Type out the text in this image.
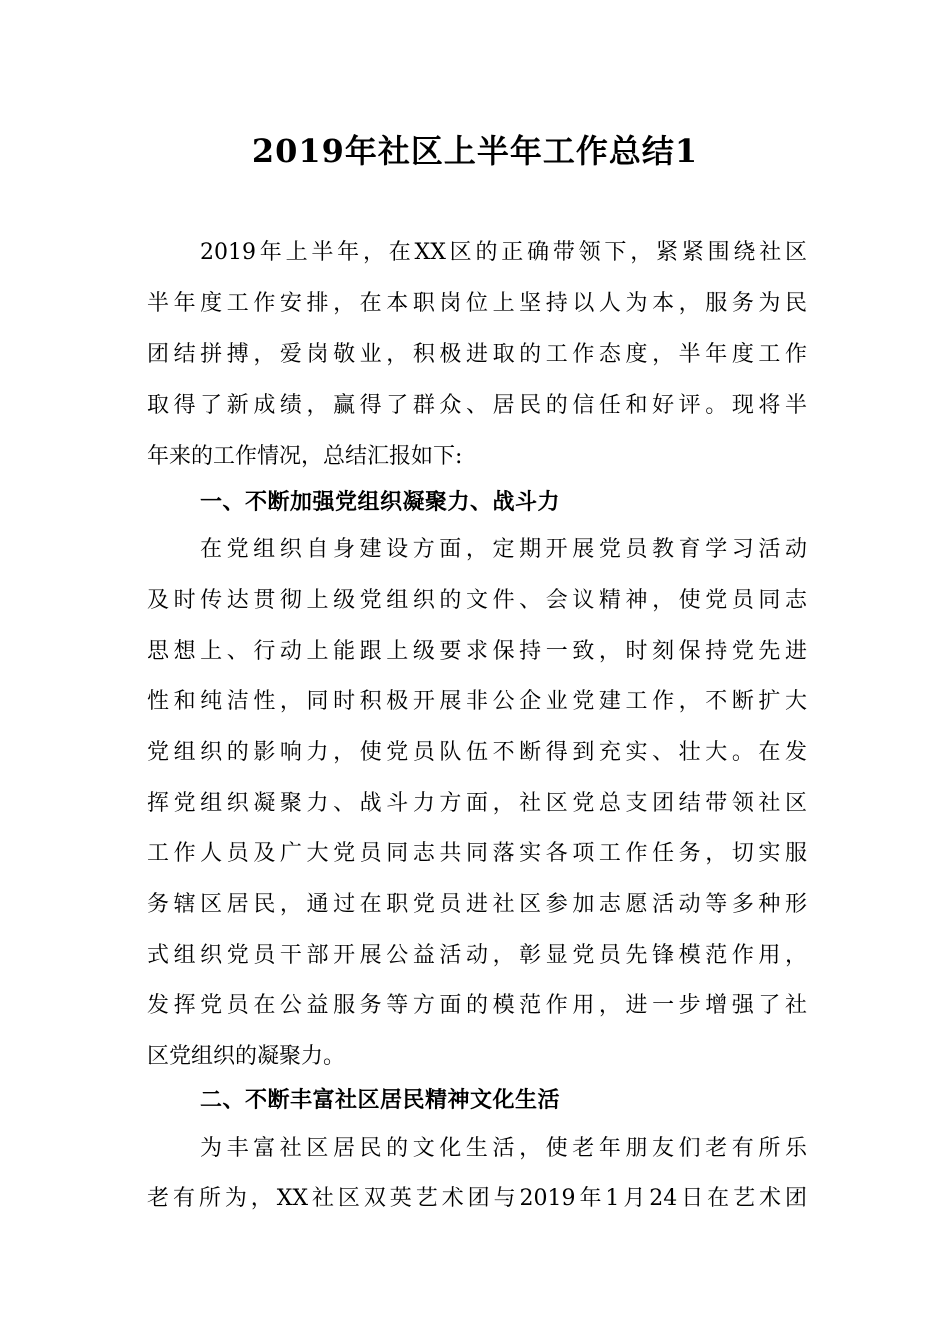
2019年社区上半年工作总结1
2019年上半年，在XX区的正确带领下，紧紧围绕社区
半年度工作安排，在本职岗位上坚持以人为本，服务为民
团结拼搏，爱岗敬业，积极进取的工作态度，半年度工作
取得了新成绩，赢得了群众、居民的信任和好评。现将半
年来的工作情况，总结汇报如下:
一、不断加强党组织凝聚力、战斗力
在党组织自身建设方面，定期开展党员教育学习活动
及时传达贯彻上级党组织的文件、会议精神，使党员同志
思想上、行动上能跟上级要求保持一致，时刻保持党先进
性和纯洁性，同时积极开展非公企业党建工作，不断扩大
党组织的影响力，使党员队伍不断得到充实、壮大。在发
挥党组织凝聚力、战斗力方面，社区党总支团结带领社区
工作人员及广大党员同志共同落实各项工作任务，切实服
务辖区居民，通过在职党员进社区参加志愿活动等多种形
式组织党员干部开展公益活动，彰显党员先锋模范作用，
发挥党员在公益服务等方面的模范作用，进一步增强了社
区党组织的凝聚力。
二、不断丰富社区居民精神文化生活
为丰富社区居民的文化生活，使老年朋友们老有所乐
老有所为，XX社区双英艺术团与2019年1月24日在艺术团
